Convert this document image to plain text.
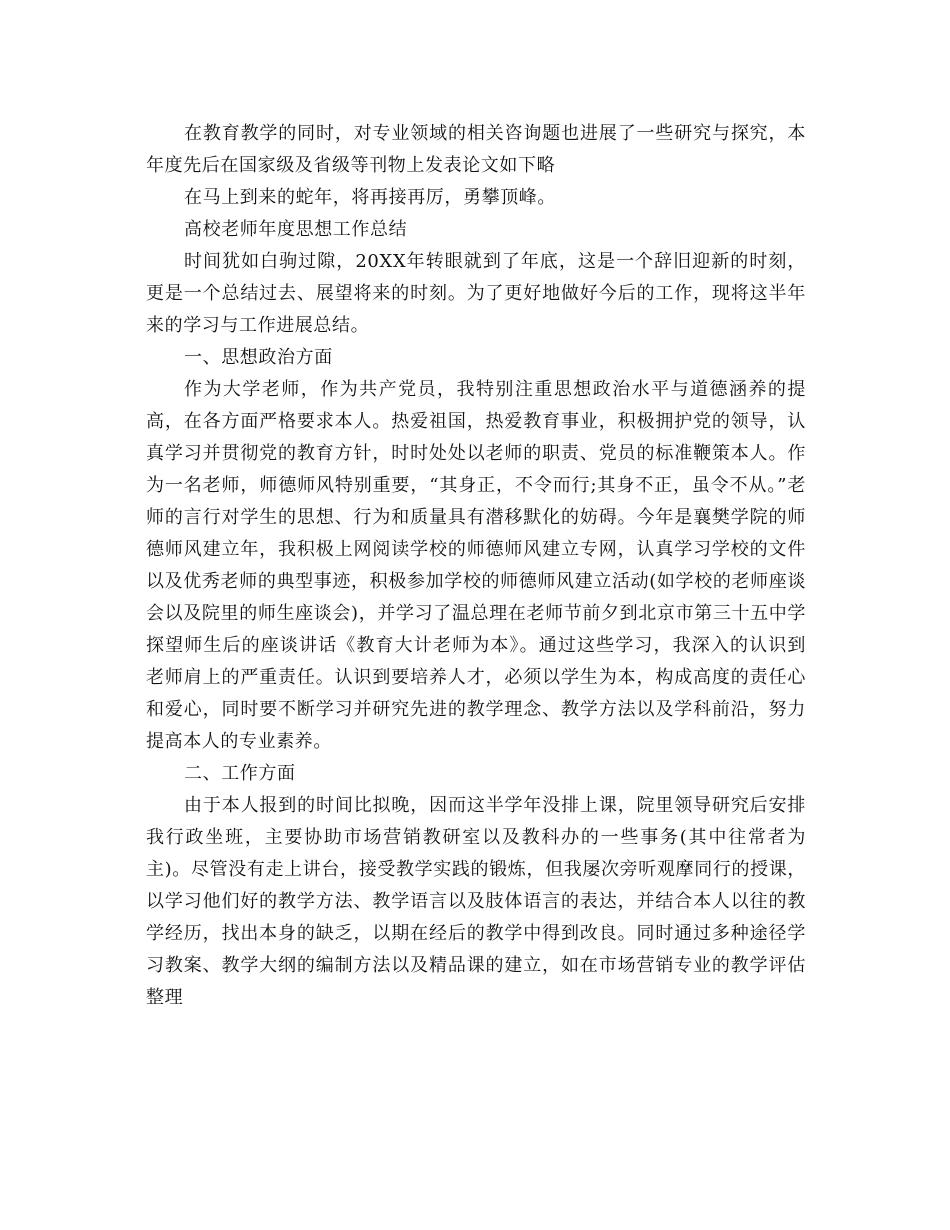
在教育教学的同时，对专业领域的相关咨询题也进展了一些研究与探究，本年度先后在国家级及省级等刊物上发表论文如下略

在马上到来的蛇年，将再接再厉，勇攀顶峰。

高校老师年度思想工作总结

时间犹如白驹过隙，20XX年转眼就到了年底，这是一个辞旧迎新的时刻，更是一个总结过去、展望将来的时刻。为了更好地做好今后的工作，现将这半年来的学习与工作进展总结。

一、思想政治方面

作为大学老师，作为共产党员，我特别注重思想政治水平与道德涵养的提高，在各方面严格要求本人。热爱祖国，热爱教育事业，积极拥护党的领导，认真学习并贯彻党的教育方针，时时处处以老师的职责、党员的标准鞭策本人。作为一名老师，师德师风特别重要，“其身正，不令而行;其身不正，虽令不从。”老师的言行对学生的思想、行为和质量具有潜移默化的妨碍。今年是襄樊学院的师德师风建立年，我积极上网阅读学校的师德师风建立专网，认真学习学校的文件以及优秀老师的典型事迹，积极参加学校的师德师风建立活动(如学校的老师座谈会以及院里的师生座谈会)，并学习了温总理在老师节前夕到北京市第三十五中学探望师生后的座谈讲话《教育大计老师为本》。通过这些学习，我深入的认识到老师肩上的严重责任。认识到要培养人才，必须以学生为本，构成高度的责任心和爱心，同时要不断学习并研究先进的教学理念、教学方法以及学科前沿，努力提高本人的专业素养。

二、工作方面

由于本人报到的时间比拟晚，因而这半学年没排上课，院里领导研究后安排我行政坐班，主要协助市场营销教研室以及教科办的一些事务(其中往常者为主)。尽管没有走上讲台，接受教学实践的锻炼，但我屡次旁听观摩同行的授课，以学习他们好的教学方法、教学语言以及肢体语言的表达，并结合本人以往的教学经历，找出本身的缺乏，以期在经后的教学中得到改良。同时通过多种途径学习教案、教学大纲的编制方法以及精品课的建立，如在市场营销专业的教学评估整理
